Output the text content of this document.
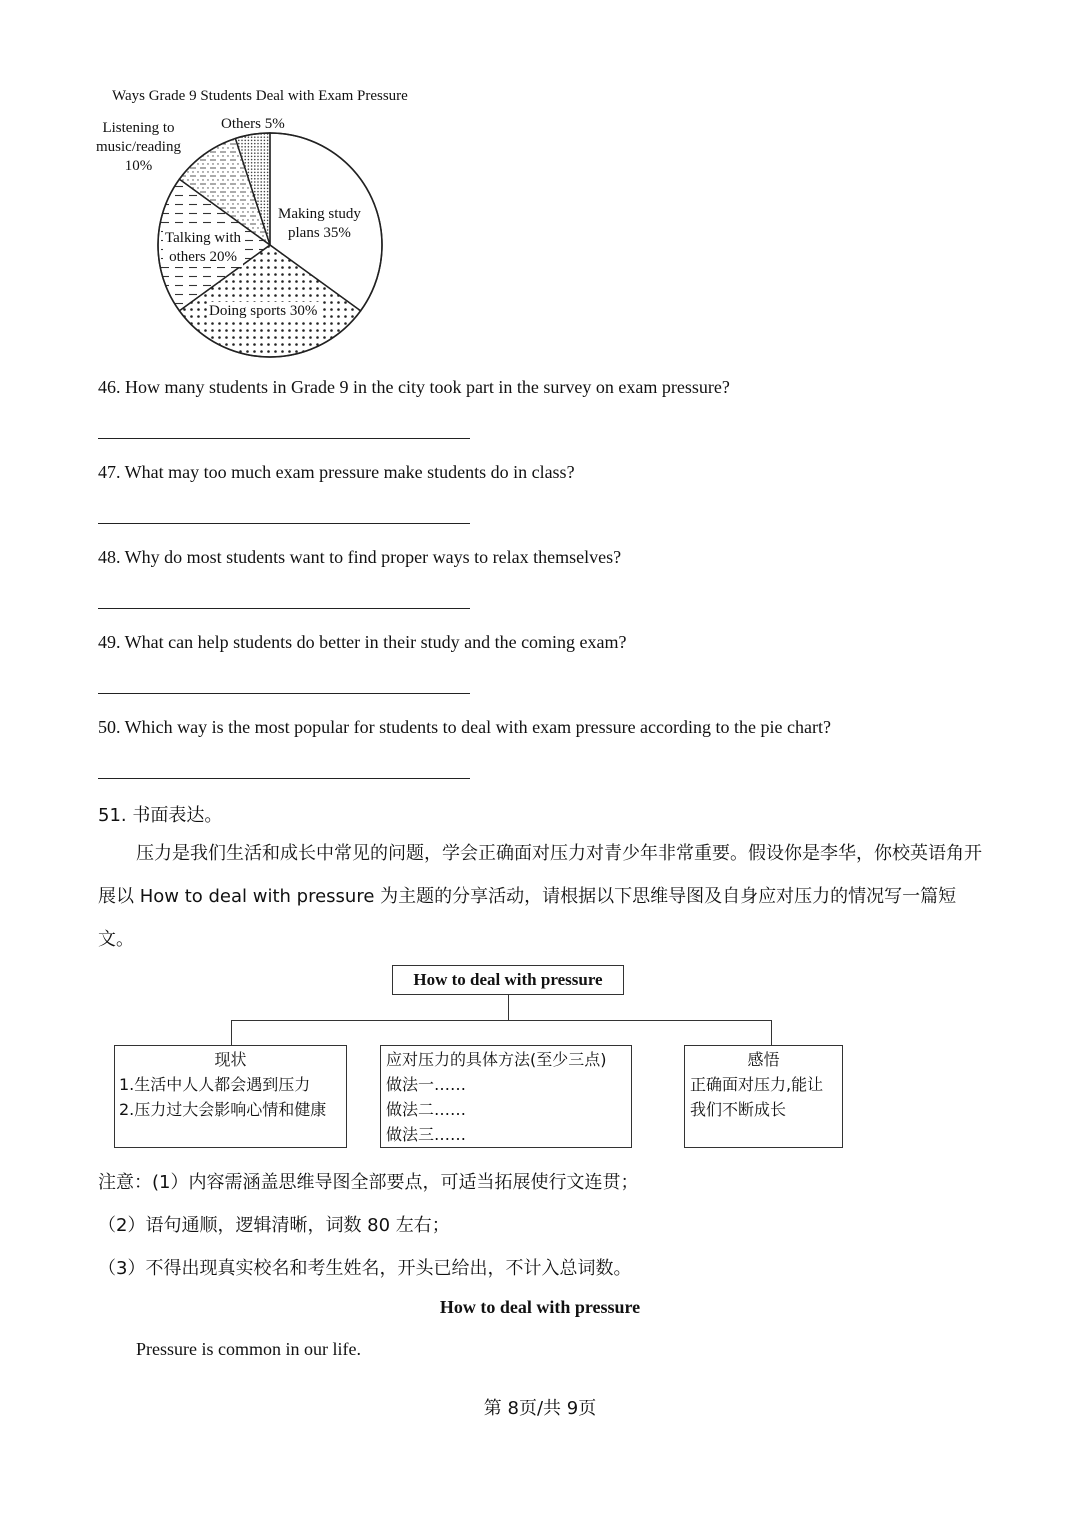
Ways Grade 9 Students Deal with Exam Pressure
Listening to
music/reading
10%
Others 5%
Making study
plans 35%
Talking with
others 20%
Doing sports 30%
46. How many students in Grade 9 in the city took part in the survey on exam pressure?
47. What may too much exam pressure make students do in class?
48. Why do most students want to find proper ways to relax themselves?
49. What can help students do better in their study and the coming exam?
50. Which way is the most popular for students to deal with exam pressure according to the pie chart?
51. 书面表达。
压力是我们生活和成长中常见的问题，学会正确面对压力对青少年非常重要。假设你是李华，你校英语角开展以 How to deal with pressure 为主题的分享活动，请根据以下思维导图及自身应对压力的情况写一篇短文。
How to deal with pressure
现状
1.生活中人人都会遇到压力
2.压力过大会影响心情和健康
应对压力的具体方法(至少三点)
做法一……
做法二……
做法三……
感悟
正确面对压力,能让
我们不断成长
注意：(1）内容需涵盖思维导图全部要点，可适当拓展使行文连贯；
（2）语句通顺，逻辑清晰，词数 80 左右；
（3）不得出现真实校名和考生姓名，开头已给出，不计入总词数。
How to deal with pressure
Pressure is common in our life.
第 8页/共 9页
